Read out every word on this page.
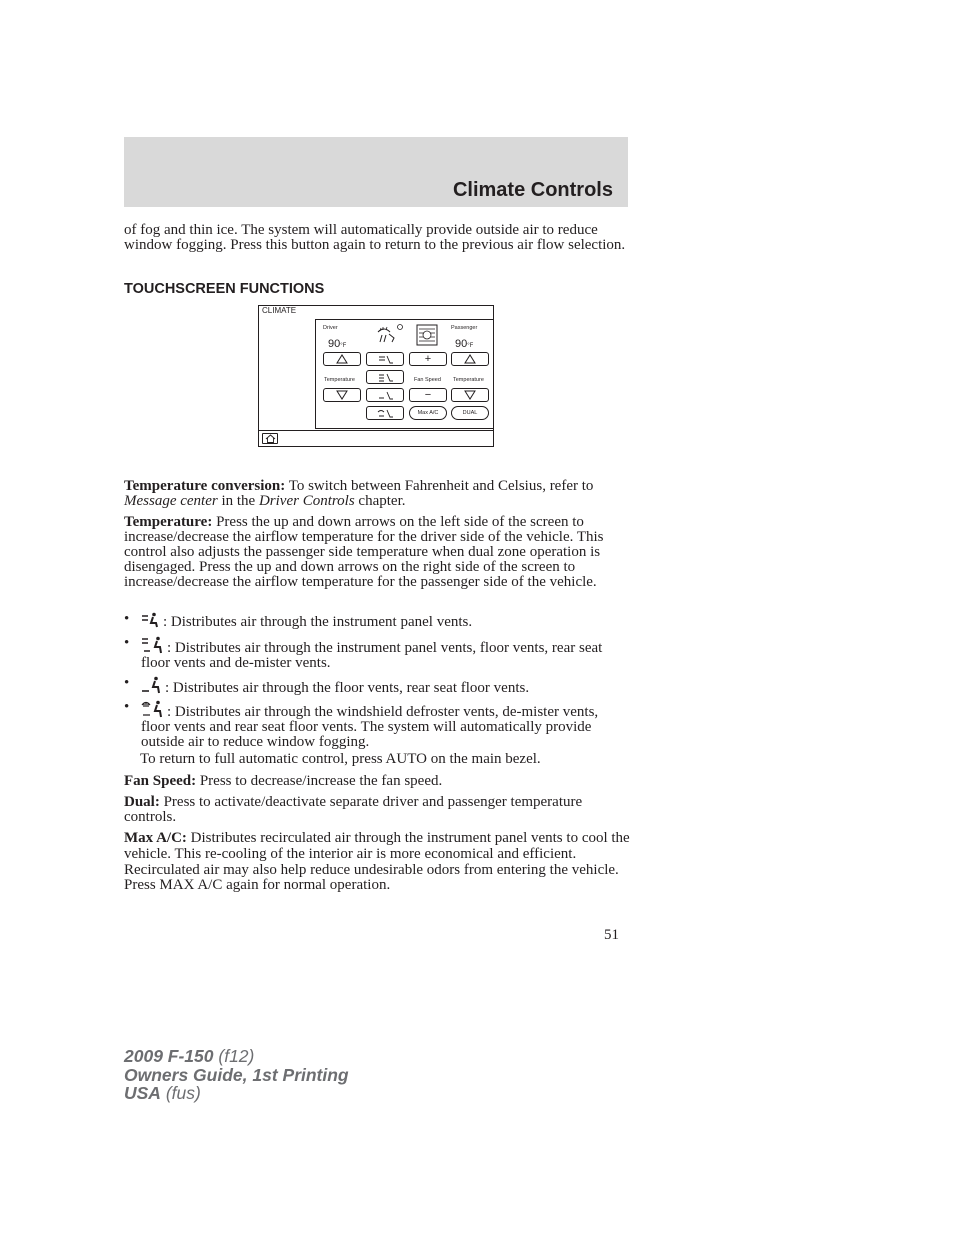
Climate Controls
of fog and thin ice. The system will automatically provide outside air to reduce window fogging. Press this button again to return to the previous air flow selection.
TOUCHSCREEN FUNCTIONS
CLIMATE
Driver	Passenger
90°F	90°F
+
Temperature	Fan Speed Temperature
−
Max A/C	DUAL
Temperature conversion: To switch between Fahrenheit and Celsius, refer to Message center in the Driver Controls chapter.
Temperature: Press the up and down arrows on the left side of the screen to increase/decrease the airflow temperature for the driver side of the vehicle. This control also adjusts the passenger side temperature when dual zone operation is disengaged. Press the up and down arrows on the right side of the screen to increase/decrease the airflow temperature for the passenger side of the vehicle.
•	: Distributes air through the instrument panel vents.
•	: Distributes air through the instrument panel vents, floor vents, rear seat floor vents and de-mister vents.
•	: Distributes air through the floor vents, rear seat floor vents.
•	: Distributes air through the windshield defroster vents, de-mister vents, floor vents and rear seat floor vents. The system will automatically provide outside air to reduce window fogging.
To return to full automatic control, press AUTO on the main bezel.
Fan Speed: Press to decrease/increase the fan speed.
Dual: Press to activate/deactivate separate driver and passenger temperature controls.
Max A/C: Distributes recirculated air through the instrument panel vents to cool the vehicle. This re-cooling of the interior air is more economical and efficient. Recirculated air may also help reduce undesirable odors from entering the vehicle. Press MAX A/C again for normal operation.
51
2009 F-150 (f12)
Owners Guide, 1st Printing
USA (fus)
